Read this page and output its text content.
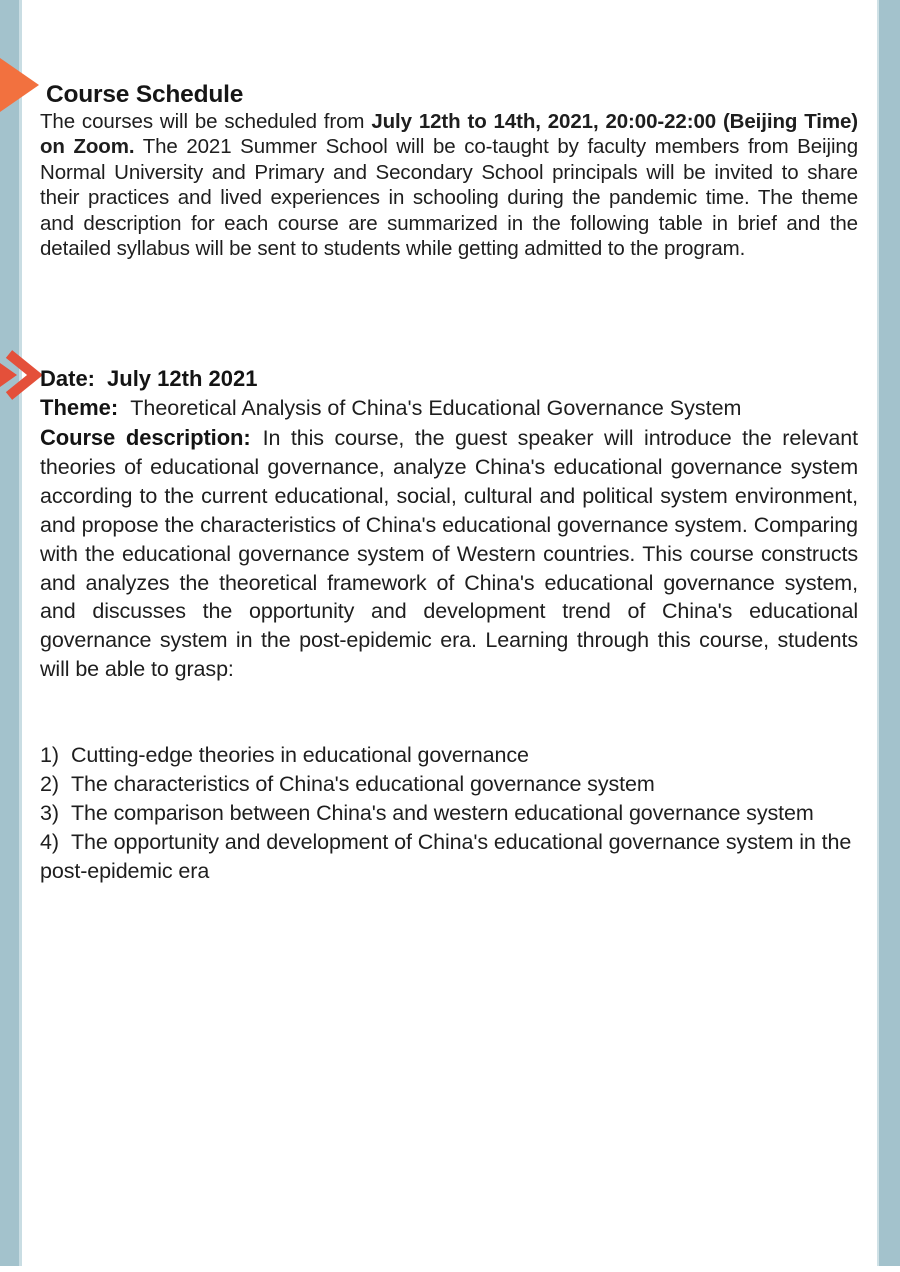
Course Schedule
The courses will be scheduled from July 12th to 14th, 2021, 20:00-22:00 (Beijing Time) on Zoom. The 2021 Summer School will be co-taught by faculty members from Beijing Normal University and Primary and Secondary School principals will be invited to share their practices and lived experiences in schooling during the pandemic time. The theme and description for each course are summarized in the following table in brief and the detailed syllabus will be sent to students while getting admitted to the program.
Date: July 12th 2021
Theme: Theoretical Analysis of China's Educational Governance System
Course description: In this course, the guest speaker will introduce the relevant theories of educational governance, analyze China's educational governance system according to the current educational, social, cultural and political system environment, and propose the characteristics of China's educational governance system. Comparing with the educational governance system of Western countries. This course constructs and analyzes the theoretical framework of China's educational governance system, and discusses the opportunity and development trend of China's educational governance system in the post-epidemic era. Learning through this course, students will be able to grasp:
1) Cutting-edge theories in educational governance
2) The characteristics of China's educational governance system
3) The comparison between China's and western educational governance system
4) The opportunity and development of China's educational governance system in the post-epidemic era
